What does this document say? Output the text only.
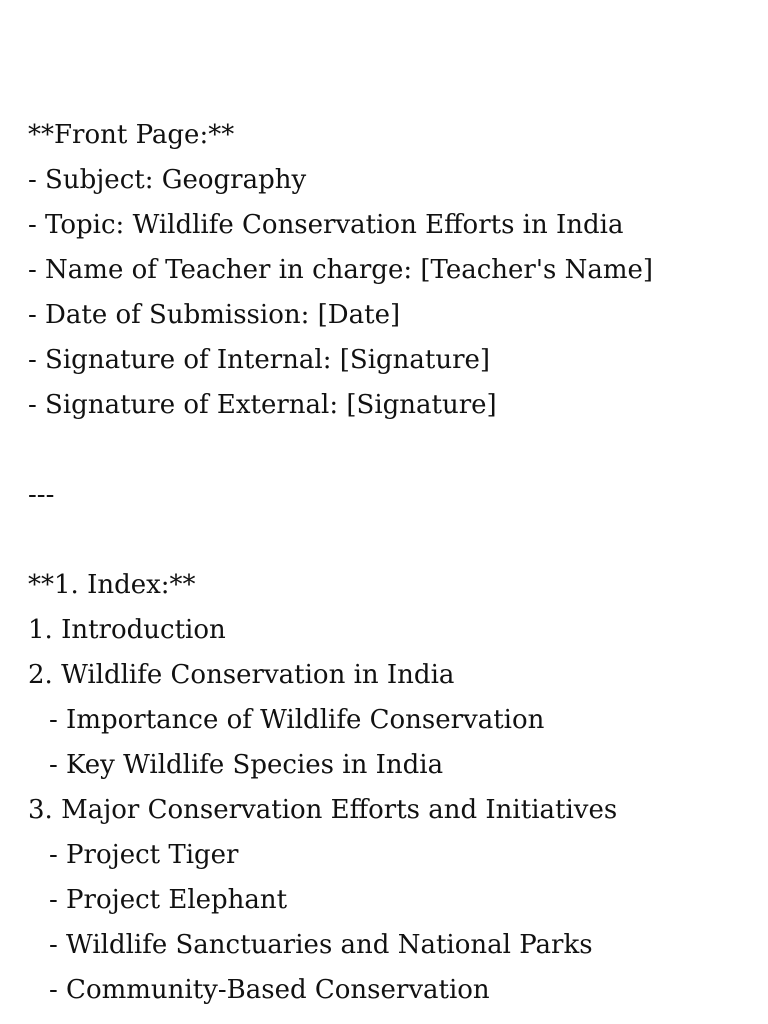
**Front Page:**
- Subject: Geography
- Topic: Wildlife Conservation Efforts in India
- Name of Teacher in charge: [Teacher's Name]
- Date of Submission: [Date]
- Signature of Internal: [Signature]
- Signature of External: [Signature]
---
**1. Index:**
1. Introduction
2. Wildlife Conservation in India
- Importance of Wildlife Conservation
- Key Wildlife Species in India
3. Major Conservation Efforts and Initiatives
- Project Tiger
- Project Elephant
- Wildlife Sanctuaries and National Parks
- Community-Based Conservation
